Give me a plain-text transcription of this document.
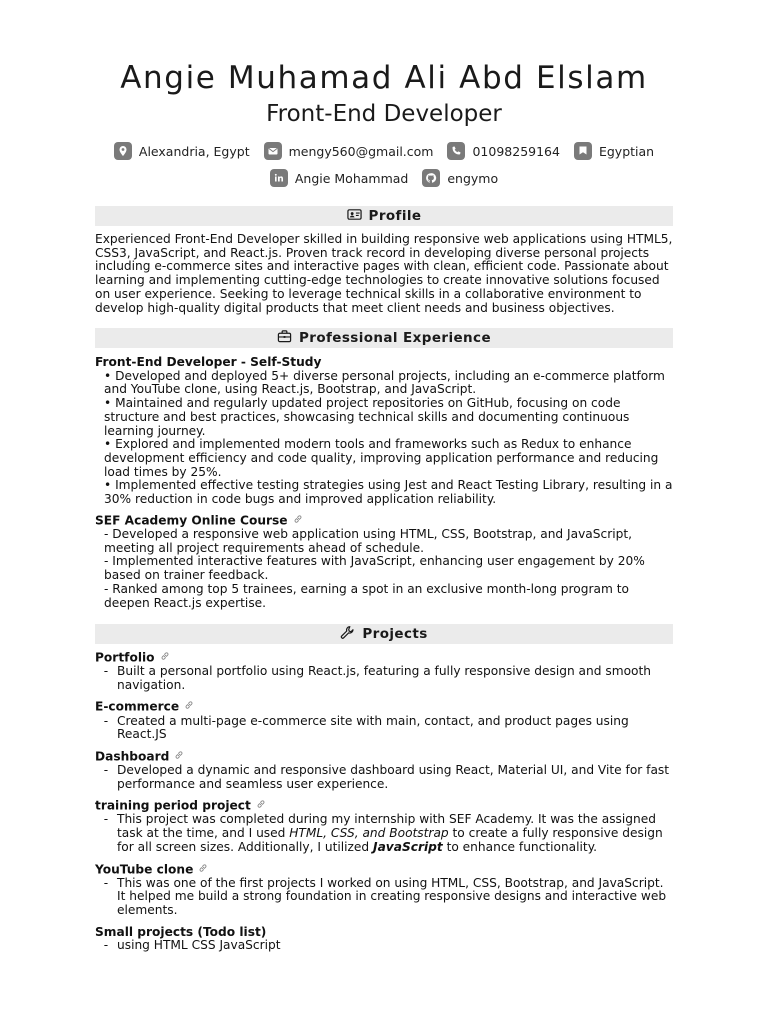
Angie Muhamad Ali Abd Elslam
Front-End Developer
Alexandria, Egypt	mengy560@gmail.com	01098259164	Egyptian
Angie Mohammad	engymo
Profile
Experienced Front-End Developer skilled in building responsive web applications using HTML5, CSS3, JavaScript, and React.js. Proven track record in developing diverse personal projects including e-commerce sites and interactive pages with clean, efficient code. Passionate about learning and implementing cutting-edge technologies to create innovative solutions focused on user experience. Seeking to leverage technical skills in a collaborative environment to develop high-quality digital products that meet client needs and business objectives.
Professional Experience
Front-End Developer - Self-Study
• Developed and deployed 5+ diverse personal projects, including an e-commerce platform and YouTube clone, using React.js, Bootstrap, and JavaScript.
• Maintained and regularly updated project repositories on GitHub, focusing on code structure and best practices, showcasing technical skills and documenting continuous learning journey.
• Explored and implemented modern tools and frameworks such as Redux to enhance development efficiency and code quality, improving application performance and reducing load times by 25%.
• Implemented effective testing strategies using Jest and React Testing Library, resulting in a 30% reduction in code bugs and improved application reliability.
SEF Academy Online Course
- Developed a responsive web application using HTML, CSS, Bootstrap, and JavaScript, meeting all project requirements ahead of schedule.
- Implemented interactive features with JavaScript, enhancing user engagement by 20% based on trainer feedback.
- Ranked among top 5 trainees, earning a spot in an exclusive month-long program to deepen React.js expertise.
Projects
Portfolio
- Built a personal portfolio using React.js, featuring a fully responsive design and smooth navigation.
E-commerce
- Created a multi-page e-commerce site with main, contact, and product pages using React.JS
Dashboard
- Developed a dynamic and responsive dashboard using React, Material UI, and Vite for fast performance and seamless user experience.
training period project
- This project was completed during my internship with SEF Academy. It was the assigned task at the time, and I used HTML, CSS, and Bootstrap to create a fully responsive design for all screen sizes. Additionally, I utilized JavaScript to enhance functionality.
YouTube clone
- This was one of the first projects I worked on using HTML, CSS, Bootstrap, and JavaScript. It helped me build a strong foundation in creating responsive designs and interactive web elements.
Small projects (Todo list)
- using HTML CSS JavaScript
